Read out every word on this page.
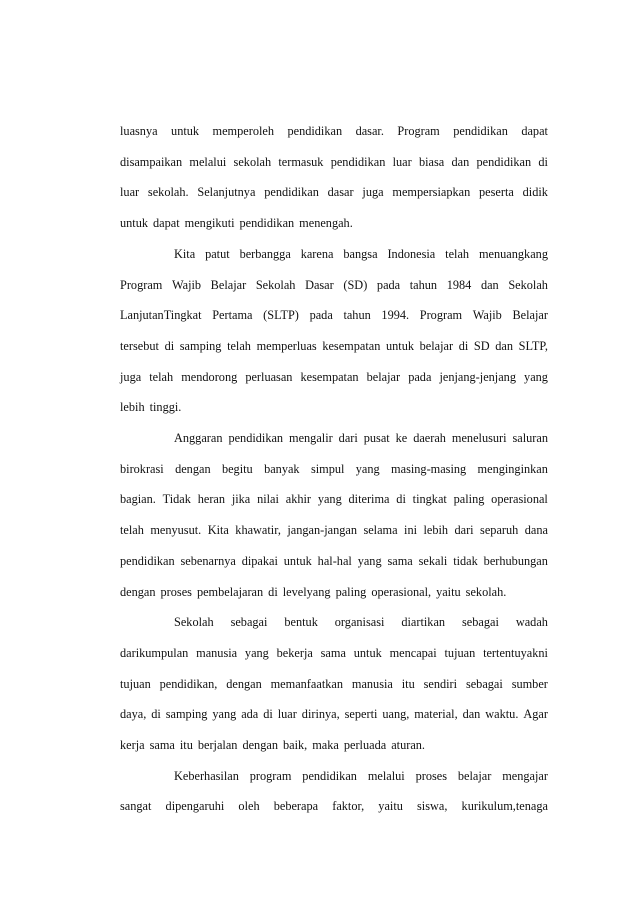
luasnya untuk memperoleh pendidikan dasar. Program pendidikan dapat
disampaikan melalui sekolah termasuk pendidikan luar biasa dan pendidikan di
luar sekolah. Selanjutnya pendidikan dasar juga mempersiapkan peserta didik
untuk dapat mengikuti pendidikan menengah.
Kita patut berbangga karena bangsa Indonesia telah menuangkang
Program Wajib Belajar Sekolah Dasar (SD) pada tahun 1984 dan Sekolah
LanjutanTingkat Pertama (SLTP) pada tahun 1994. Program Wajib Belajar
tersebut di samping telah memperluas kesempatan untuk belajar di SD dan SLTP,
juga telah mendorong perluasan kesempatan belajar pada jenjang-jenjang yang
lebih tinggi.
Anggaran pendidikan mengalir dari pusat ke daerah menelusuri saluran
birokrasi dengan begitu banyak simpul yang masing-masing menginginkan
bagian. Tidak heran jika nilai akhir yang diterima di tingkat paling operasional
telah menyusut. Kita khawatir, jangan-jangan selama ini lebih dari separuh dana
pendidikan sebenarnya dipakai untuk hal-hal yang sama sekali tidak berhubungan
dengan proses pembelajaran di levelyang paling operasional, yaitu sekolah.
Sekolah sebagai bentuk organisasi diartikan sebagai wadah
darikumpulan manusia yang bekerja sama untuk mencapai tujuan tertentuyakni
tujuan pendidikan, dengan memanfaatkan manusia itu sendiri sebagai sumber
daya, di samping yang ada di luar dirinya, seperti uang, material, dan waktu. Agar
kerja sama itu berjalan dengan baik, maka perluada aturan.
Keberhasilan program pendidikan melalui proses belajar mengajar
sangat dipengaruhi oleh beberapa faktor, yaitu siswa, kurikulum,tenaga
